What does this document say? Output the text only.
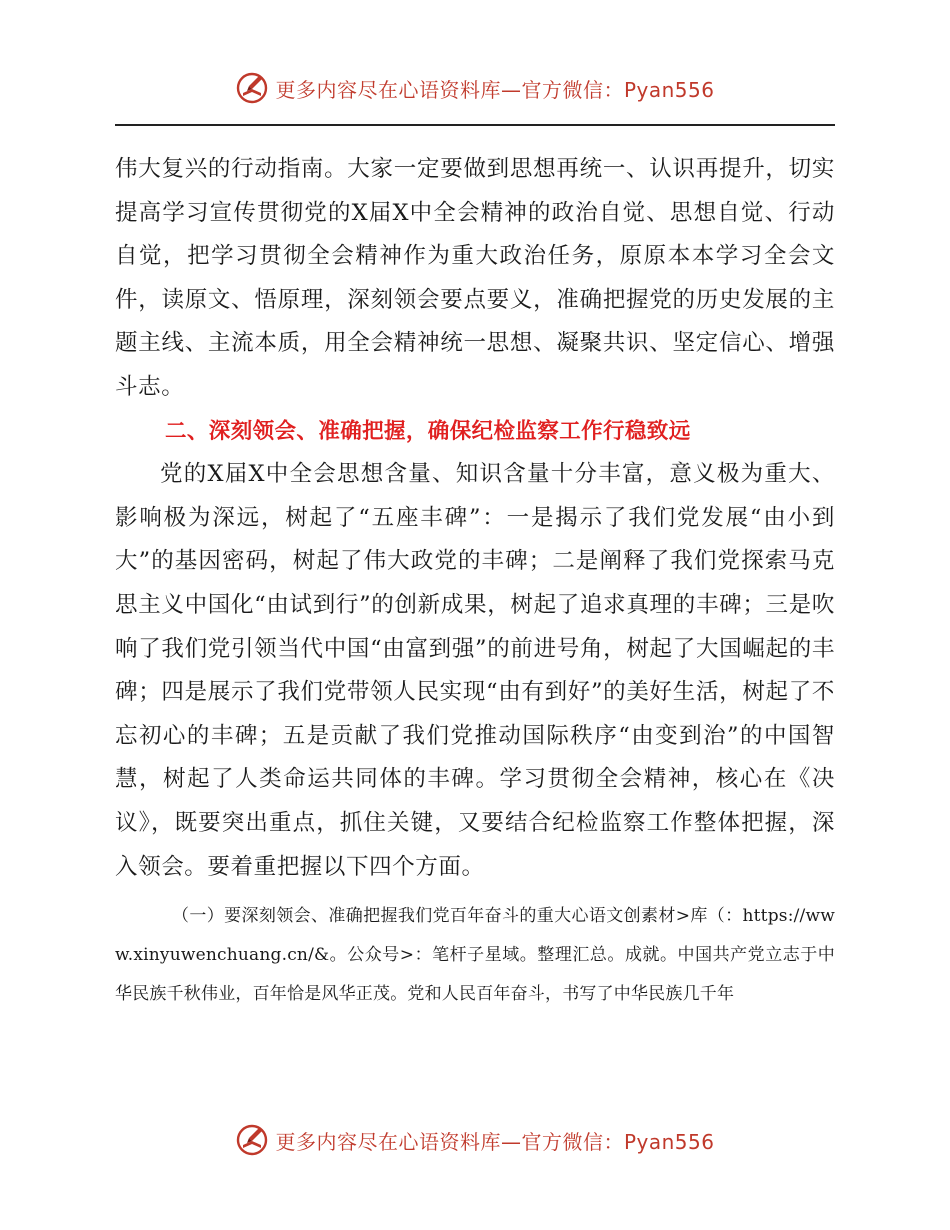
更多内容尽在心语资料库—官方微信：Pyan556

伟大复兴的行动指南。大家一定要做到思想再统一、认识再提升，切实提高学习宣传贯彻党的X届X中全会精神的政治自觉、思想自觉、行动自觉，把学习贯彻全会精神作为重大政治任务，原原本本学习全会文件，读原文、悟原理，深刻领会要点要义，准确把握党的历史发展的主题主线、主流本质，用全会精神统一思想、凝聚共识、坚定信心、增强斗志。

二、深刻领会、准确把握，确保纪检监察工作行稳致远

党的X届X中全会思想含量、知识含量十分丰富，意义极为重大、影响极为深远，树起了“五座丰碑”：一是揭示了我们党发展“由小到大”的基因密码，树起了伟大政党的丰碑；二是阐释了我们党探索马克思主义中国化“由试到行”的创新成果，树起了追求真理的丰碑；三是吹响了我们党引领当代中国“由富到强”的前进号角，树起了大国崛起的丰碑；四是展示了我们党带领人民实现“由有到好”的美好生活，树起了不忘初心的丰碑；五是贡献了我们党推动国际秩序“由变到治”的中国智慧，树起了人类命运共同体的丰碑。学习贯彻全会精神，核心在《决议》，既要突出重点，抓住关键，又要结合纪检监察工作整体把握，深入领会。要着重把握以下四个方面。

（一）要深刻领会、准确把握我们党百年奋斗的重大心语文创素材>库（：https://www.xinyuwenchuang.cn/&。公众号>：笔杆子星域。整理汇总。成就。中国共产党立志于中华民族千秋伟业，百年恰是风华正茂。党和人民百年奋斗，书写了中华民族几千年

更多内容尽在心语资料库—官方微信：Pyan556
